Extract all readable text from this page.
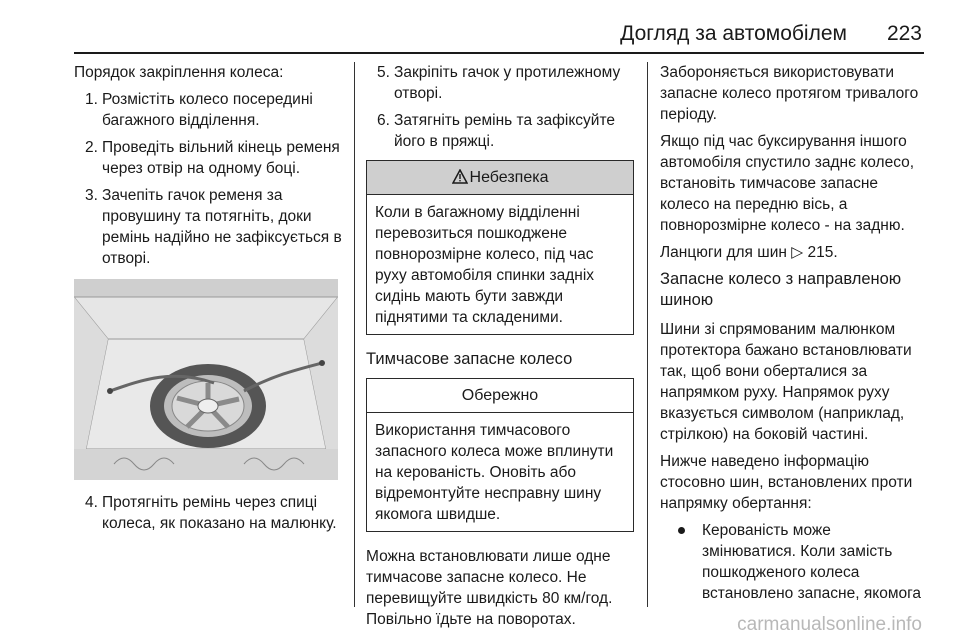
Догляд за автомобілем 223

Порядок закріплення колеса:

1. Розмістіть колесо посередині багажного відділення.
2. Проведіть вільний кінець ременя через отвір на одному боці.
3. Зачепіть гачок ременя за провушину та потягніть, доки ремінь надійно не зафіксується в отворі.
4. Протягніть ремінь через спиці колеса, як показано на малюнку.
5. Закріпіть гачок у протилежному отворі.
6. Затягніть ремінь та зафіксуйте його в пряжці.
Небезпека
Коли в багажному відділенні перевозиться пошкоджене повнорозмірне колесо, під час руху автомобіля спинки задніх сидінь мають бути завжди піднятими та складеними.
Тимчасове запасне колесо
Обережно
Використання тимчасового запасного колеса може вплинути на керованість. Оновіть або відремонтуйте несправну шину якомога швидше.

Можна встановлювати лише одне тимчасове запасне колесо. Не перевищуйте швидкість 80 км/год. Повільно їдьте на поворотах.

Забороняється використовувати запасне колесо протягом тривалого періоду.

Якщо під час буксирування іншого автомобіля спустило заднє колесо, встановіть тимчасове запасне колесо на передню вісь, а повнорозмірне колесо - на задню.

Ланцюги для шин ▷ 215.

Запасне колесо з направленою шиною

Шини зі спрямованим малюнком протектора бажано встановлювати так, щоб вони оберталися за напрямком руху. Напрямок руху вказується символом (наприклад, стрілкою) на боковій частині.

Нижче наведено інформацію стосовно шин, встановлених проти напрямку обертання:

Керованість може змінюватися. Коли замість пошкодженого колеса встановлено запасне, якомога
carmanualsonline.info
